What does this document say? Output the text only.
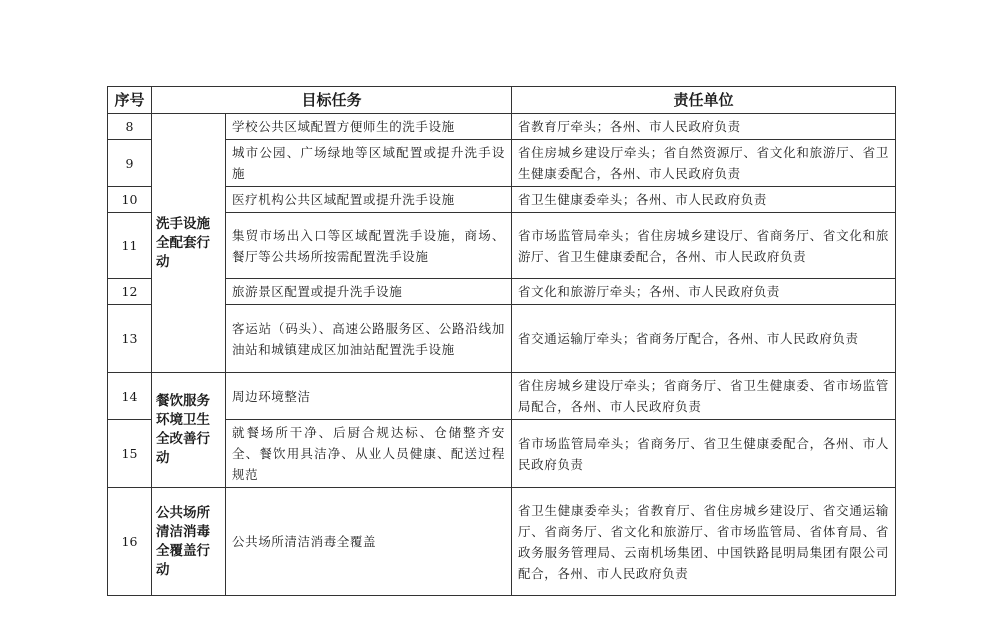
序号	目标任务		责任单位
8	洗手设施全配套行动	学校公共区域配置方便师生的洗手设施	省教育厅牵头；各州、市人民政府负责
9		城市公园、广场绿地等区域配置或提升洗手设施	省住房城乡建设厅牵头；省自然资源厅、省文化和旅游厅、省卫生健康委配合，各州、市人民政府负责
10		医疗机构公共区域配置或提升洗手设施	省卫生健康委牵头；各州、市人民政府负责
11		集贸市场出入口等区域配置洗手设施，商场、餐厅等公共场所按需配置洗手设施	省市场监管局牵头；省住房城乡建设厅、省商务厅、省文化和旅游厅、省卫生健康委配合，各州、市人民政府负责
12		旅游景区配置或提升洗手设施	省文化和旅游厅牵头；各州、市人民政府负责
13		客运站（码头）、高速公路服务区、公路沿线加油站和城镇建成区加油站配置洗手设施	省交通运输厅牵头；省商务厅配合，各州、市人民政府负责
14	餐饮服务环境卫生全改善行动	周边环境整洁	省住房城乡建设厅牵头；省商务厅、省卫生健康委、省市场监管局配合，各州、市人民政府负责
15		就餐场所干净、后厨合规达标、仓储整齐安全、餐饮用具洁净、从业人员健康、配送过程规范	省市场监管局牵头；省商务厅、省卫生健康委配合，各州、市人民政府负责
16	公共场所清洁消毒全覆盖行动	公共场所清洁消毒全覆盖	省卫生健康委牵头；省教育厅、省住房城乡建设厅、省交通运输厅、省商务厅、省文化和旅游厅、省市场监管局、省体育局、省政务服务管理局、云南机场集团、中国铁路昆明局集团有限公司配合，各州、市人民政府负责
